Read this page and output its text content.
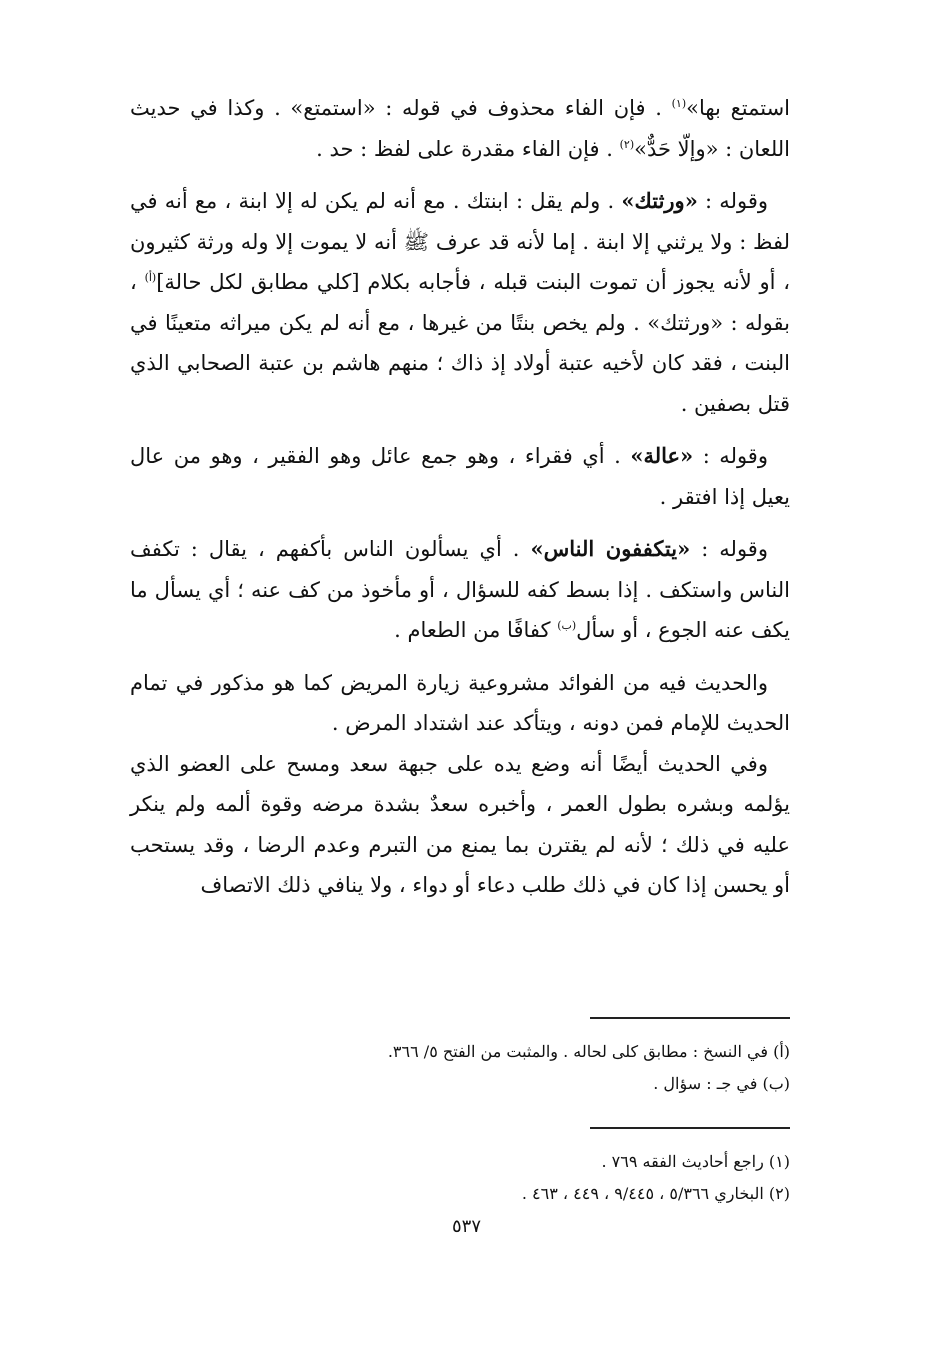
استمتع بها»$^{(١)}$ . فإن الفاء محذوف في قوله : «استمتع» . وكذا في حديث اللعان : «وإلّا حَدٌّ»$^{(٢)}$ . فإن الفاء مقدرة على لفظ : حد .

وقوله : «ورثتك» . ولم يقل : ابنتك . مع أنه لم يكن له إلا ابنة ، مع أنه في لفظ : ولا يرثني إلا ابنة . إما لأنه قد عرف ﷺ أنه لا يموت إلا وله ورثة كثيرون ، أو لأنه يجوز أن تموت البنت قبله ، فأجابه بكلام [كلي مطابق لكل حالة]$^{(أ)}$ ، بقوله : «ورثتك» . ولم يخص بنتًا من غيرها ، مع أنه لم يكن ميراثه متعينًا في البنت ، فقد كان لأخيه عتبة أولاد إذ ذاك ؛ منهم هاشم بن عتبة الصحابي الذي قتل بصفين .

وقوله : «عالة» . أي فقراء ، وهو جمع عائل وهو الفقير ، وهو من عال يعيل إذا افتقر .

وقوله : «يتكففون الناس» . أي يسألون الناس بأكفهم ، يقال : تكفف الناس واستكف . إذا بسط كفه للسؤال ، أو مأخوذ من كف عنه ؛ أي يسأل ما يكف عنه الجوع ، أو سأل$^{(ب)}$ كفافًا من الطعام .

والحديث فيه من الفوائد مشروعية زيارة المريض كما هو مذكور في تمام الحديث للإمام فمن دونه ، ويتأكد عند اشتداد المرض .

وفي الحديث أيضًا أنه وضع يده على جبهة سعد ومسح على العضو الذي يؤلمه وبشره بطول العمر ، وأخبره سعدٌ بشدة مرضه وقوة ألمه ولم ينكر عليه في ذلك ؛ لأنه لم يقترن بما يمنع من التبرم وعدم الرضا ، وقد يستحب أو يحسن إذا كان في ذلك طلب دعاء أو دواء ، ولا ينافي ذلك الاتصاف

(أ) في النسخ : مطابق كلى لحاله . والمثبت من الفتح ٥/ ٣٦٦.
(ب) في جـ : سؤال .
(١) راجع أحاديث الفقه ٧٦٩ .
(٢) البخاري ٥/٣٦٦ ، ٩/٤٤٥ ، ٤٤٩ ، ٤٦٣ .
٥٣٧
